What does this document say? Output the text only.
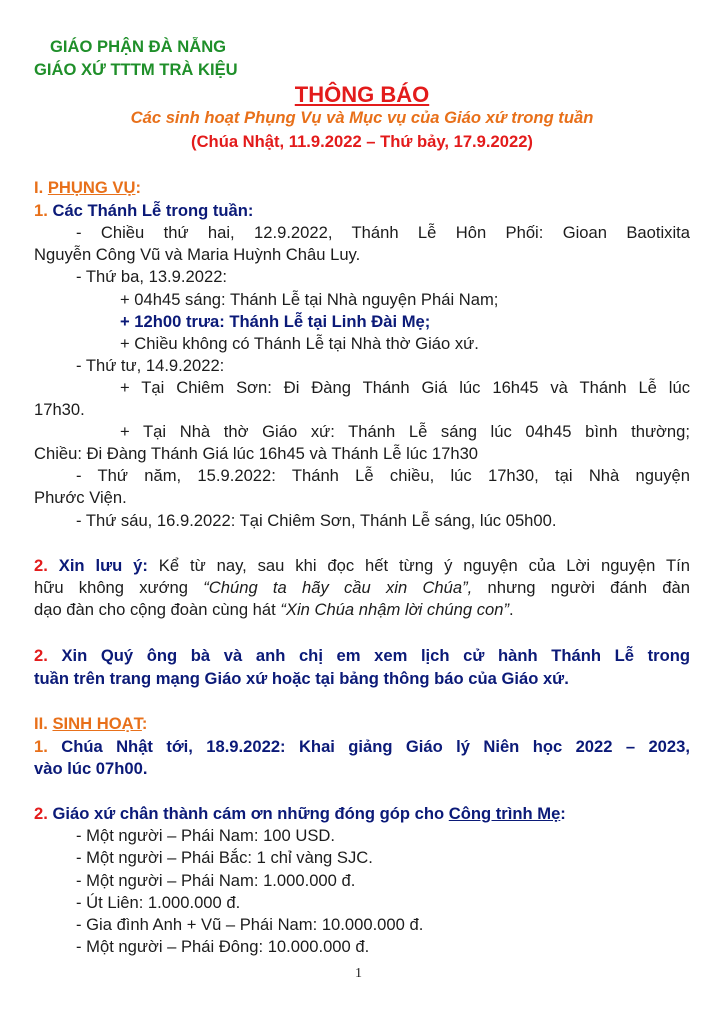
GIÁO PHẬN ĐÀ NẴNG
GIÁO XỨ TTTM TRÀ KIỆU
THÔNG BÁO
Các sinh hoạt Phụng Vụ và Mục vụ của Giáo xứ trong tuần
(Chúa Nhật, 11.9.2022 – Thứ bảy, 17.9.2022)
I. PHỤNG VỤ:
1. Các Thánh Lễ trong tuần:
- Chiều thứ hai, 12.9.2022, Thánh Lễ Hôn Phối: Gioan Baotixita
Nguyễn Công Vũ và Maria Huỳnh Châu Luy.
- Thứ ba, 13.9.2022:
+ 04h45 sáng: Thánh Lễ tại Nhà nguyện Phái Nam;
+ 12h00 trưa: Thánh Lễ tại Linh Đài Mẹ;
+ Chiều không có Thánh Lễ tại Nhà thờ Giáo xứ.
- Thứ tư, 14.9.2022:
+ Tại Chiêm Sơn: Đi Đàng Thánh Giá lúc 16h45 và Thánh Lễ lúc
17h30.
+ Tại Nhà thờ Giáo xứ: Thánh Lễ sáng lúc 04h45 bình thường;
Chiều: Đi Đàng Thánh Giá lúc 16h45 và Thánh Lễ lúc 17h30
- Thứ năm, 15.9.2022: Thánh Lễ chiều, lúc 17h30, tại Nhà nguyện
Phước Viện.
- Thứ sáu, 16.9.2022: Tại Chiêm Sơn, Thánh Lễ sáng, lúc 05h00.
2. Xin lưu ý: Kể từ nay, sau khi đọc hết từng ý nguyện của Lời nguyện Tín
hữu không xướng “Chúng ta hãy cầu xin Chúa”, nhưng người đánh đàn
dạo đàn cho cộng đoàn cùng hát “Xin Chúa nhậm lời chúng con”.
2. Xin Quý ông bà và anh chị em xem lịch cử hành Thánh Lễ trong
tuần trên trang mạng Giáo xứ hoặc tại bảng thông báo của Giáo xứ.
II. SINH HOẠT:
1. Chúa Nhật tới, 18.9.2022: Khai giảng Giáo lý Niên học 2022 – 2023,
vào lúc 07h00.
2. Giáo xứ chân thành cám ơn những đóng góp cho Công trình Mẹ:
- Một người – Phái Nam: 100 USD.
- Một người – Phái Bắc: 1 chỉ vàng SJC.
- Một người – Phái Nam: 1.000.000 đ.
- Út Liên: 1.000.000 đ.
- Gia đình Anh + Vũ – Phái Nam: 10.000.000 đ.
- Một người – Phái Đông: 10.000.000 đ.
1
